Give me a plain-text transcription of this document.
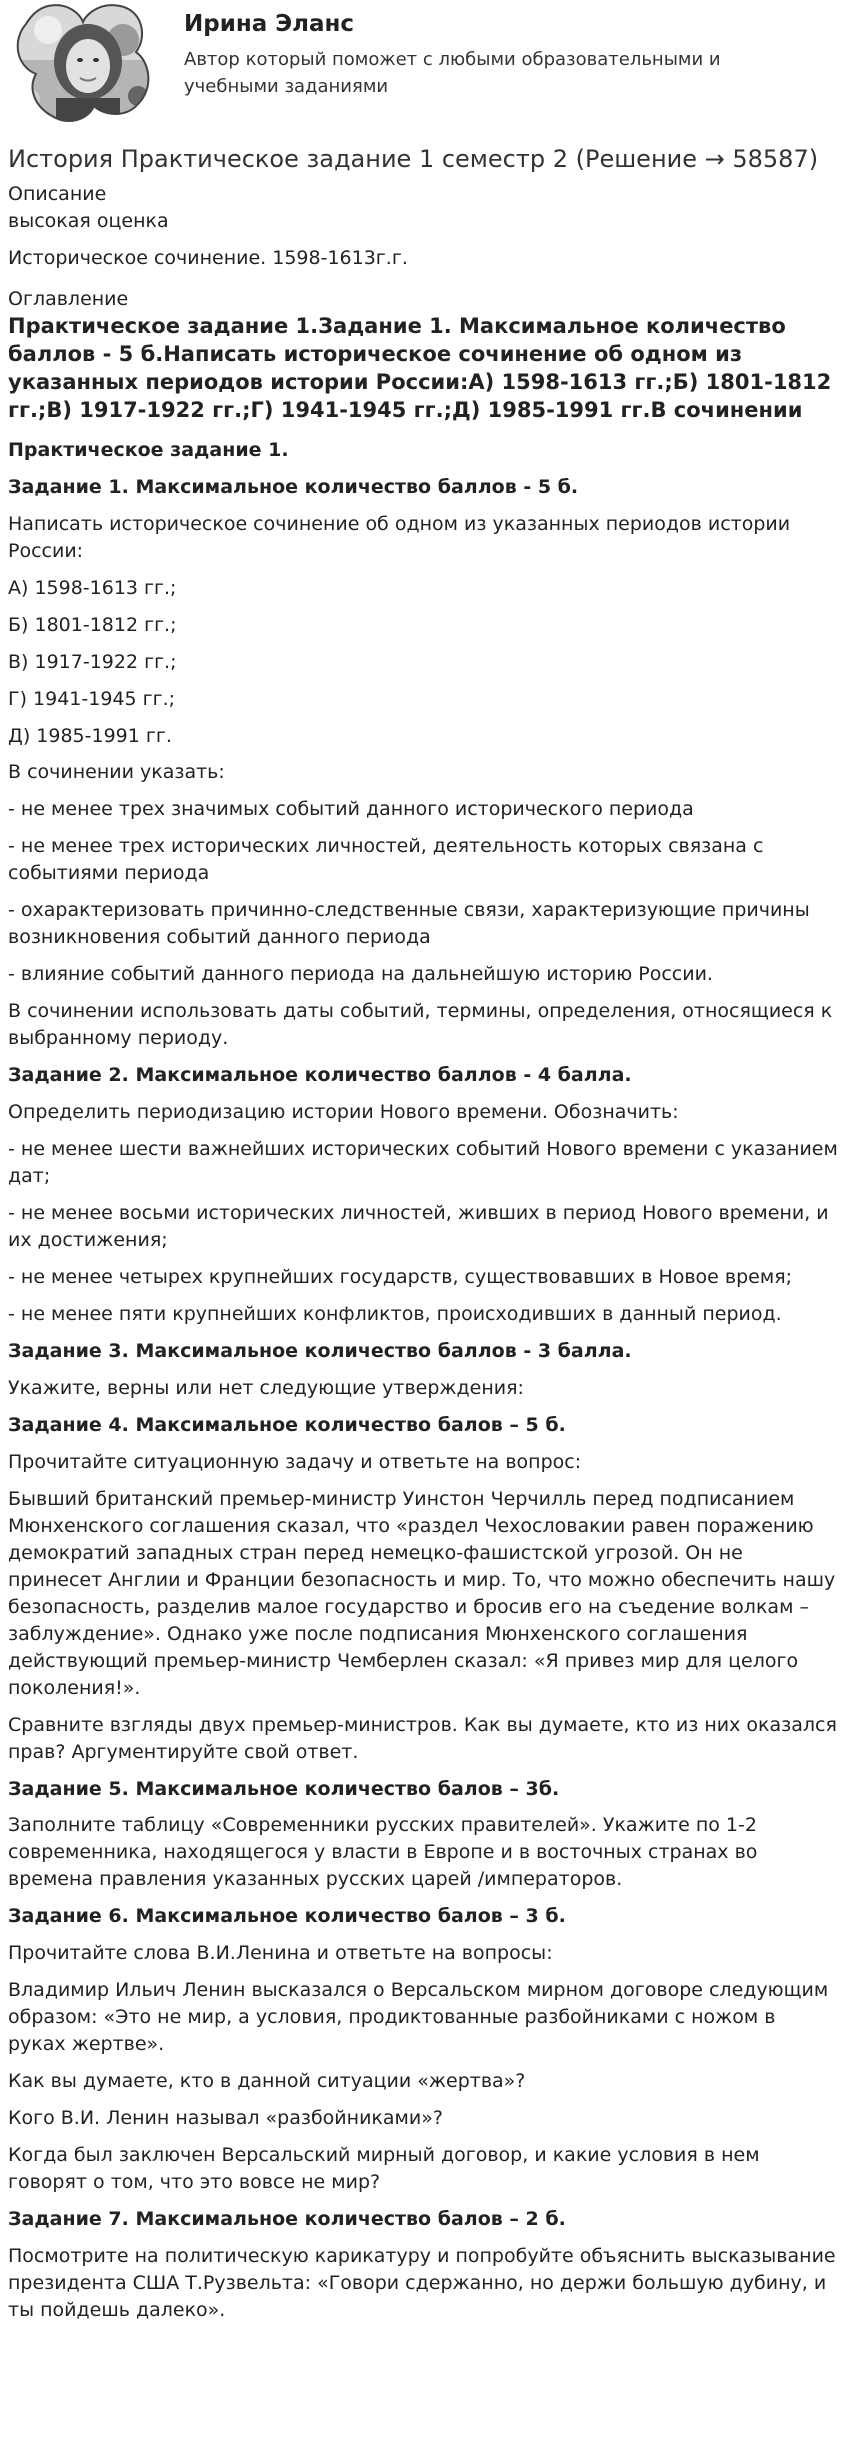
Ирина Эланс
Автор который поможет с любыми образовательными и учебными заданиями
История Практическое задание 1 семестр 2 (Решение → 58587)
Описание
высокая оценка
Историческое сочинение. 1598-1613г.г.
Оглавление
Практическое задание 1.Задание 1. Максимальное количество баллов - 5 б.Написать историческое сочинение об одном из указанных периодов истории России:А) 1598-1613 гг.;Б) 1801-1812 гг.;В) 1917-1922 гг.;Г) 1941-1945 гг.;Д) 1985-1991 гг.В сочинении

Практическое задание 1.

Задание 1. Максимальное количество баллов - 5 б.

Написать историческое сочинение об одном из указанных периодов истории России:

А) 1598-1613 гг.;

Б) 1801-1812 гг.;

В) 1917-1922 гг.;

Г) 1941-1945 гг.;

Д) 1985-1991 гг.

В сочинении указать:

- не менее трех значимых событий данного исторического периода

- не менее трех исторических личностей, деятельность которых связана с событиями периода

- охарактеризовать причинно-следственные связи, характеризующие причины возникновения событий данного периода

- влияние событий данного периода на дальнейшую историю России.

В сочинении использовать даты событий, термины, определения, относящиеся к выбранному периоду.

Задание 2. Максимальное количество баллов - 4 балла.

Определить периодизацию истории Нового времени. Обозначить:

- не менее шести важнейших исторических событий Нового времени с указанием дат;

- не менее восьми исторических личностей, живших в период Нового времени, и их достижения;

- не менее четырех крупнейших государств, существовавших в Новое время;

- не менее пяти крупнейших конфликтов, происходивших в данный период.

Задание 3. Максимальное количество баллов - 3 балла.

Укажите, верны или нет следующие утверждения:

Задание 4. Максимальное количество балов – 5 б.

Прочитайте ситуационную задачу и ответьте на вопрос:

Бывший британский премьер-министр Уинстон Черчилль перед подписанием Мюнхенского соглашения сказал, что «раздел Чехословакии равен поражению демократий западных стран перед немецко-фашистской угрозой. Он не принесет Англии и Франции безопасность и мир. То, что можно обеспечить нашу безопасность, разделив малое государство и бросив его на съедение волкам – заблуждение». Однако уже после подписания Мюнхенского соглашения действующий премьер-министр Чемберлен сказал: «Я привез мир для целого поколения!».

Сравните взгляды двух премьер-министров. Как вы думаете, кто из них оказался прав? Аргументируйте свой ответ.

Задание 5. Максимальное количество балов – 3б.

Заполните таблицу «Современники русских правителей». Укажите по 1-2 современника, находящегося у власти в Европе и в восточных странах во времена правления указанных русских царей /императоров.

Задание 6. Максимальное количество балов – 3 б.

Прочитайте слова В.И.Ленина и ответьте на вопросы:

Владимир Ильич Ленин высказался о Версальском мирном договоре следующим образом: «Это не мир, а условия, продиктованные разбойниками с ножом в руках жертве».

Как вы думаете, кто в данной ситуации «жертва»?

Кого В.И. Ленин называл «разбойниками»?

Когда был заключен Версальский мирный договор, и какие условия в нем говорят о том, что это вовсе не мир?

Задание 7. Максимальное количество балов – 2 б.

Посмотрите на политическую карикатуру и попробуйте объяснить высказывание президента США Т.Рузвельта: «Говори сдержанно, но держи большую дубину, и ты пойдешь далеко».
